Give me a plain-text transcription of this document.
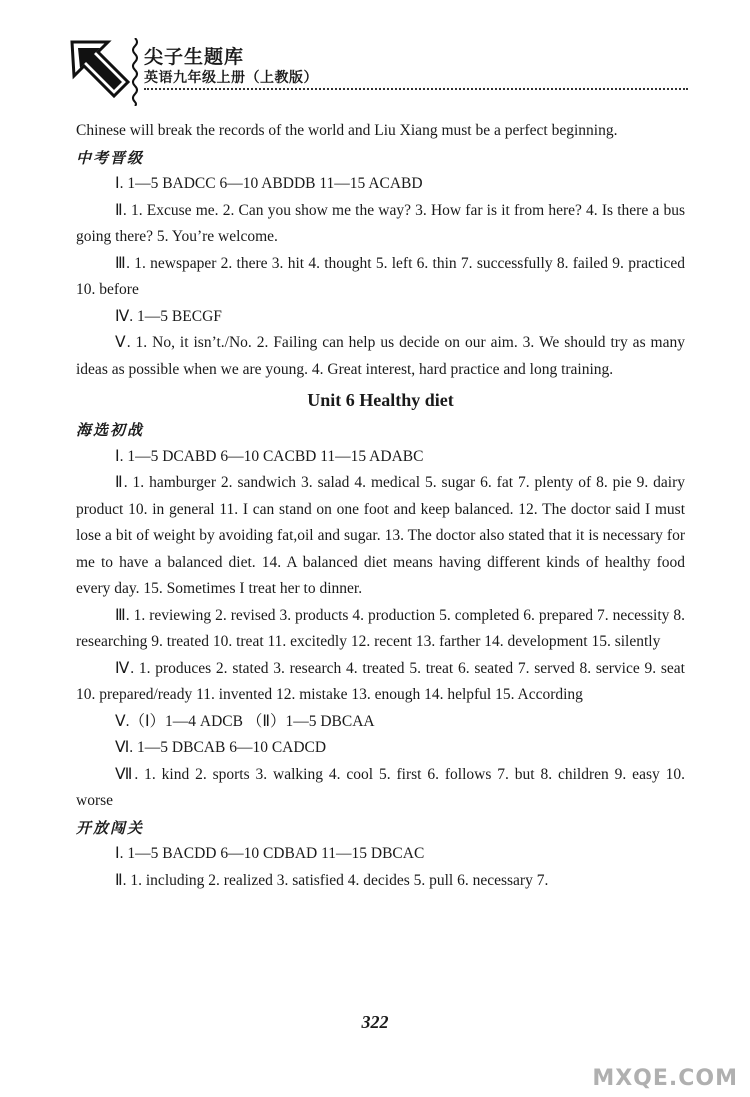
尖子生题库
英语九年级上册（上教版）

Chinese will break the records of the world and Liu Xiang must be a perfect beginning.

中考晋级

Ⅰ. 1—5 BADCC 6—10 ABDDB 11—15 ACABD

Ⅱ. 1. Excuse me. 2. Can you show me the way? 3. How far is it from here? 4. Is there a bus going there? 5. You’re welcome.

Ⅲ. 1. newspaper 2. there 3. hit 4. thought 5. left 6. thin 7. successfully 8. failed 9. practiced 10. before

Ⅳ. 1—5 BECGF

Ⅴ. 1. No, it isn’t./No. 2. Failing can help us decide on our aim. 3. We should try as many ideas as possible when we are young. 4. Great interest, hard practice and long training.

Unit 6 Healthy diet
海选初战

Ⅰ. 1—5 DCABD 6—10 CACBD 11—15 ADABC

Ⅱ. 1. hamburger 2. sandwich 3. salad 4. medical 5. sugar 6. fat 7. plenty of 8. pie 9. dairy product 10. in general 11. I can stand on one foot and keep balanced. 12. The doctor said I must lose a bit of weight by avoiding fat,oil and sugar. 13. The doctor also stated that it is necessary for me to have a balanced diet. 14. A balanced diet means having different kinds of healthy food every day. 15. Sometimes I treat her to dinner.

Ⅲ. 1. reviewing 2. revised 3. products 4. production 5. completed 6. prepared 7. necessity 8. researching 9. treated 10. treat 11. excitedly 12. recent 13. farther 14. development 15. silently

Ⅳ. 1. produces 2. stated 3. research 4. treated 5. treat 6. seated 7. served 8. service 9. seat 10. prepared/ready 11. invented 12. mistake 13. enough 14. helpful 15. According

Ⅴ.（Ⅰ）1—4 ADCB （Ⅱ）1—5 DBCAA

Ⅵ. 1—5 DBCAB 6—10 CADCD

Ⅶ. 1. kind 2. sports 3. walking 4. cool 5. first 6. follows 7. but 8. children 9. easy 10. worse

开放闯关

Ⅰ. 1—5 BACDD 6—10 CDBAD 11—15 DBCAC

Ⅱ. 1. including 2. realized 3. satisfied 4. decides 5. pull 6. necessary 7.

322
MXQE.COM
